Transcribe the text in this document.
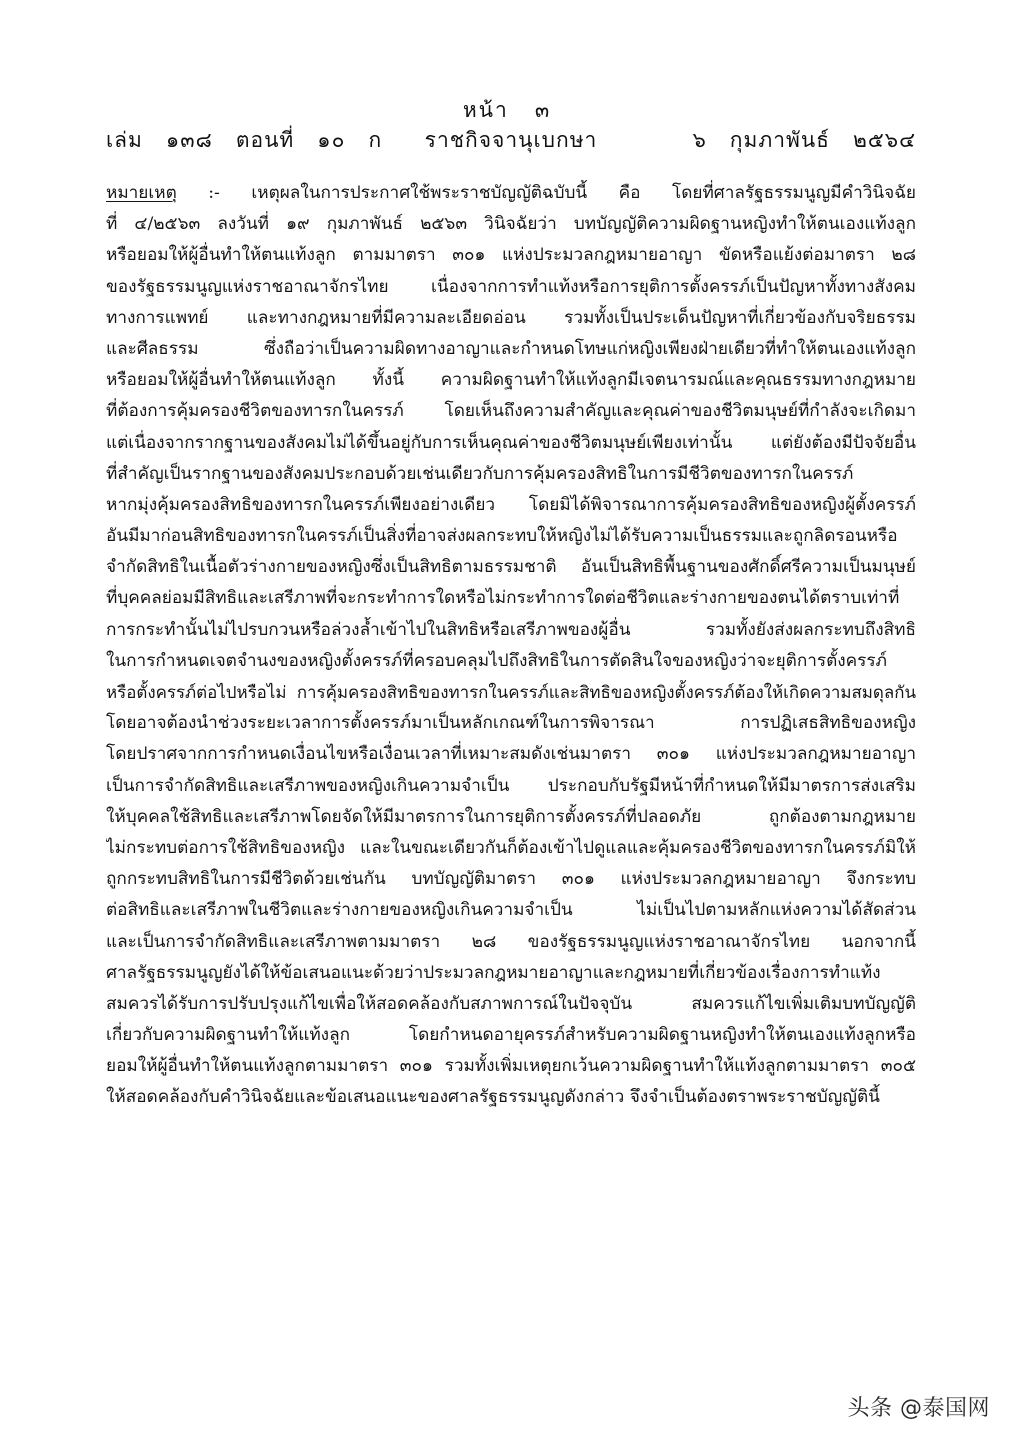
หน้า   ๓
เล่ม   ๑๓๘   ตอนที่   ๑๐   ก	ราชกิจจานุเบกษา	๖   กุมภาพันธ์   ๒๕๖๔
หมายเหตุ :- เหตุผลในการประกาศใช้พระราชบัญญัติฉบับนี้ คือ โดยที่ศาลรัฐธรรมนูญมีคำวินิจฉัย
ที่ ๔/๒๕๖๓ ลงวันที่ ๑๙ กุมภาพันธ์ ๒๕๖๓ วินิจฉัยว่า บทบัญญัติความผิดฐานหญิงทำให้ตนเองแท้งลูก
หรือยอมให้ผู้อื่นทำให้ตนแท้งลูก ตามมาตรา ๓๐๑ แห่งประมวลกฎหมายอาญา ขัดหรือแย้งต่อมาตรา ๒๘
ของรัฐธรรมนูญแห่งราชอาณาจักรไทย เนื่องจากการทำแท้งหรือการยุติการตั้งครรภ์เป็นปัญหาทั้งทางสังคม
ทางการแพทย์ และทางกฎหมายที่มีความละเอียดอ่อน รวมทั้งเป็นประเด็นปัญหาที่เกี่ยวข้องกับจริยธรรม
และศีลธรรม ซึ่งถือว่าเป็นความผิดทางอาญาและกำหนดโทษแก่หญิงเพียงฝ่ายเดียวที่ทำให้ตนเองแท้งลูก
หรือยอมให้ผู้อื่นทำให้ตนแท้งลูก ทั้งนี้ ความผิดฐานทำให้แท้งลูกมีเจตนารมณ์และคุณธรรมทางกฎหมาย
ที่ต้องการคุ้มครองชีวิตของทารกในครรภ์ โดยเห็นถึงความสำคัญและคุณค่าของชีวิตมนุษย์ที่กำลังจะเกิดมา
แต่เนื่องจากรากฐานของสังคมไม่ได้ขึ้นอยู่กับการเห็นคุณค่าของชีวิตมนุษย์เพียงเท่านั้น แต่ยังต้องมีปัจจัยอื่น
ที่สำคัญเป็นรากฐานของสังคมประกอบด้วยเช่นเดียวกับการคุ้มครองสิทธิในการมีชีวิตของทารกในครรภ์
หากมุ่งคุ้มครองสิทธิของทารกในครรภ์เพียงอย่างเดียว โดยมิได้พิจารณาการคุ้มครองสิทธิของหญิงผู้ตั้งครรภ์
อันมีมาก่อนสิทธิของทารกในครรภ์เป็นสิ่งที่อาจส่งผลกระทบให้หญิงไม่ได้รับความเป็นธรรมและถูกลิดรอนหรือ
จำกัดสิทธิในเนื้อตัวร่างกายของหญิงซึ่งเป็นสิทธิตามธรรมชาติ อันเป็นสิทธิพื้นฐานของศักดิ์ศรีความเป็นมนุษย์
ที่บุคคลย่อมมีสิทธิและเสรีภาพที่จะกระทำการใดหรือไม่กระทำการใดต่อชีวิตและร่างกายของตนได้ตราบเท่าที่
การกระทำนั้นไม่ไปรบกวนหรือล่วงล้ำเข้าไปในสิทธิหรือเสรีภาพของผู้อื่น รวมทั้งยังส่งผลกระทบถึงสิทธิ
ในการกำหนดเจตจำนงของหญิงตั้งครรภ์ที่ครอบคลุมไปถึงสิทธิในการตัดสินใจของหญิงว่าจะยุติการตั้งครรภ์
หรือตั้งครรภ์ต่อไปหรือไม่ การคุ้มครองสิทธิของทารกในครรภ์และสิทธิของหญิงตั้งครรภ์ต้องให้เกิดความสมดุลกัน
โดยอาจต้องนำช่วงระยะเวลาการตั้งครรภ์มาเป็นหลักเกณฑ์ในการพิจารณา การปฏิเสธสิทธิของหญิง
โดยปราศจากการกำหนดเงื่อนไขหรือเงื่อนเวลาที่เหมาะสมดังเช่นมาตรา ๓๐๑ แห่งประมวลกฎหมายอาญา
เป็นการจำกัดสิทธิและเสรีภาพของหญิงเกินความจำเป็น ประกอบกับรัฐมีหน้าที่กำหนดให้มีมาตรการส่งเสริม
ให้บุคคลใช้สิทธิและเสรีภาพโดยจัดให้มีมาตรการในการยุติการตั้งครรภ์ที่ปลอดภัย ถูกต้องตามกฎหมาย
ไม่กระทบต่อการใช้สิทธิของหญิง และในขณะเดียวกันก็ต้องเข้าไปดูแลและคุ้มครองชีวิตของทารกในครรภ์มิให้
ถูกกระทบสิทธิในการมีชีวิตด้วยเช่นกัน บทบัญญัติมาตรา ๓๐๑ แห่งประมวลกฎหมายอาญา จึงกระทบ
ต่อสิทธิและเสรีภาพในชีวิตและร่างกายของหญิงเกินความจำเป็น ไม่เป็นไปตามหลักแห่งความได้สัดส่วน
และเป็นการจำกัดสิทธิและเสรีภาพตามมาตรา ๒๘ ของรัฐธรรมนูญแห่งราชอาณาจักรไทย นอกจากนี้
ศาลรัฐธรรมนูญยังได้ให้ข้อเสนอแนะด้วยว่าประมวลกฎหมายอาญาและกฎหมายที่เกี่ยวข้องเรื่องการทำแท้ง
สมควรได้รับการปรับปรุงแก้ไขเพื่อให้สอดคล้องกับสภาพการณ์ในปัจจุบัน สมควรแก้ไขเพิ่มเติมบทบัญญัติ
เกี่ยวกับความผิดฐานทำให้แท้งลูก โดยกำหนดอายุครรภ์สำหรับความผิดฐานหญิงทำให้ตนเองแท้งลูกหรือ
ยอมให้ผู้อื่นทำให้ตนแท้งลูกตามมาตรา ๓๐๑ รวมทั้งเพิ่มเหตุยกเว้นความผิดฐานทำให้แท้งลูกตามมาตรา ๓๐๕
ให้สอดคล้องกับคำวินิจฉัยและข้อเสนอแนะของศาลรัฐธรรมนูญดังกล่าว จึงจำเป็นต้องตราพระราชบัญญัตินี้
头条 @泰国网
